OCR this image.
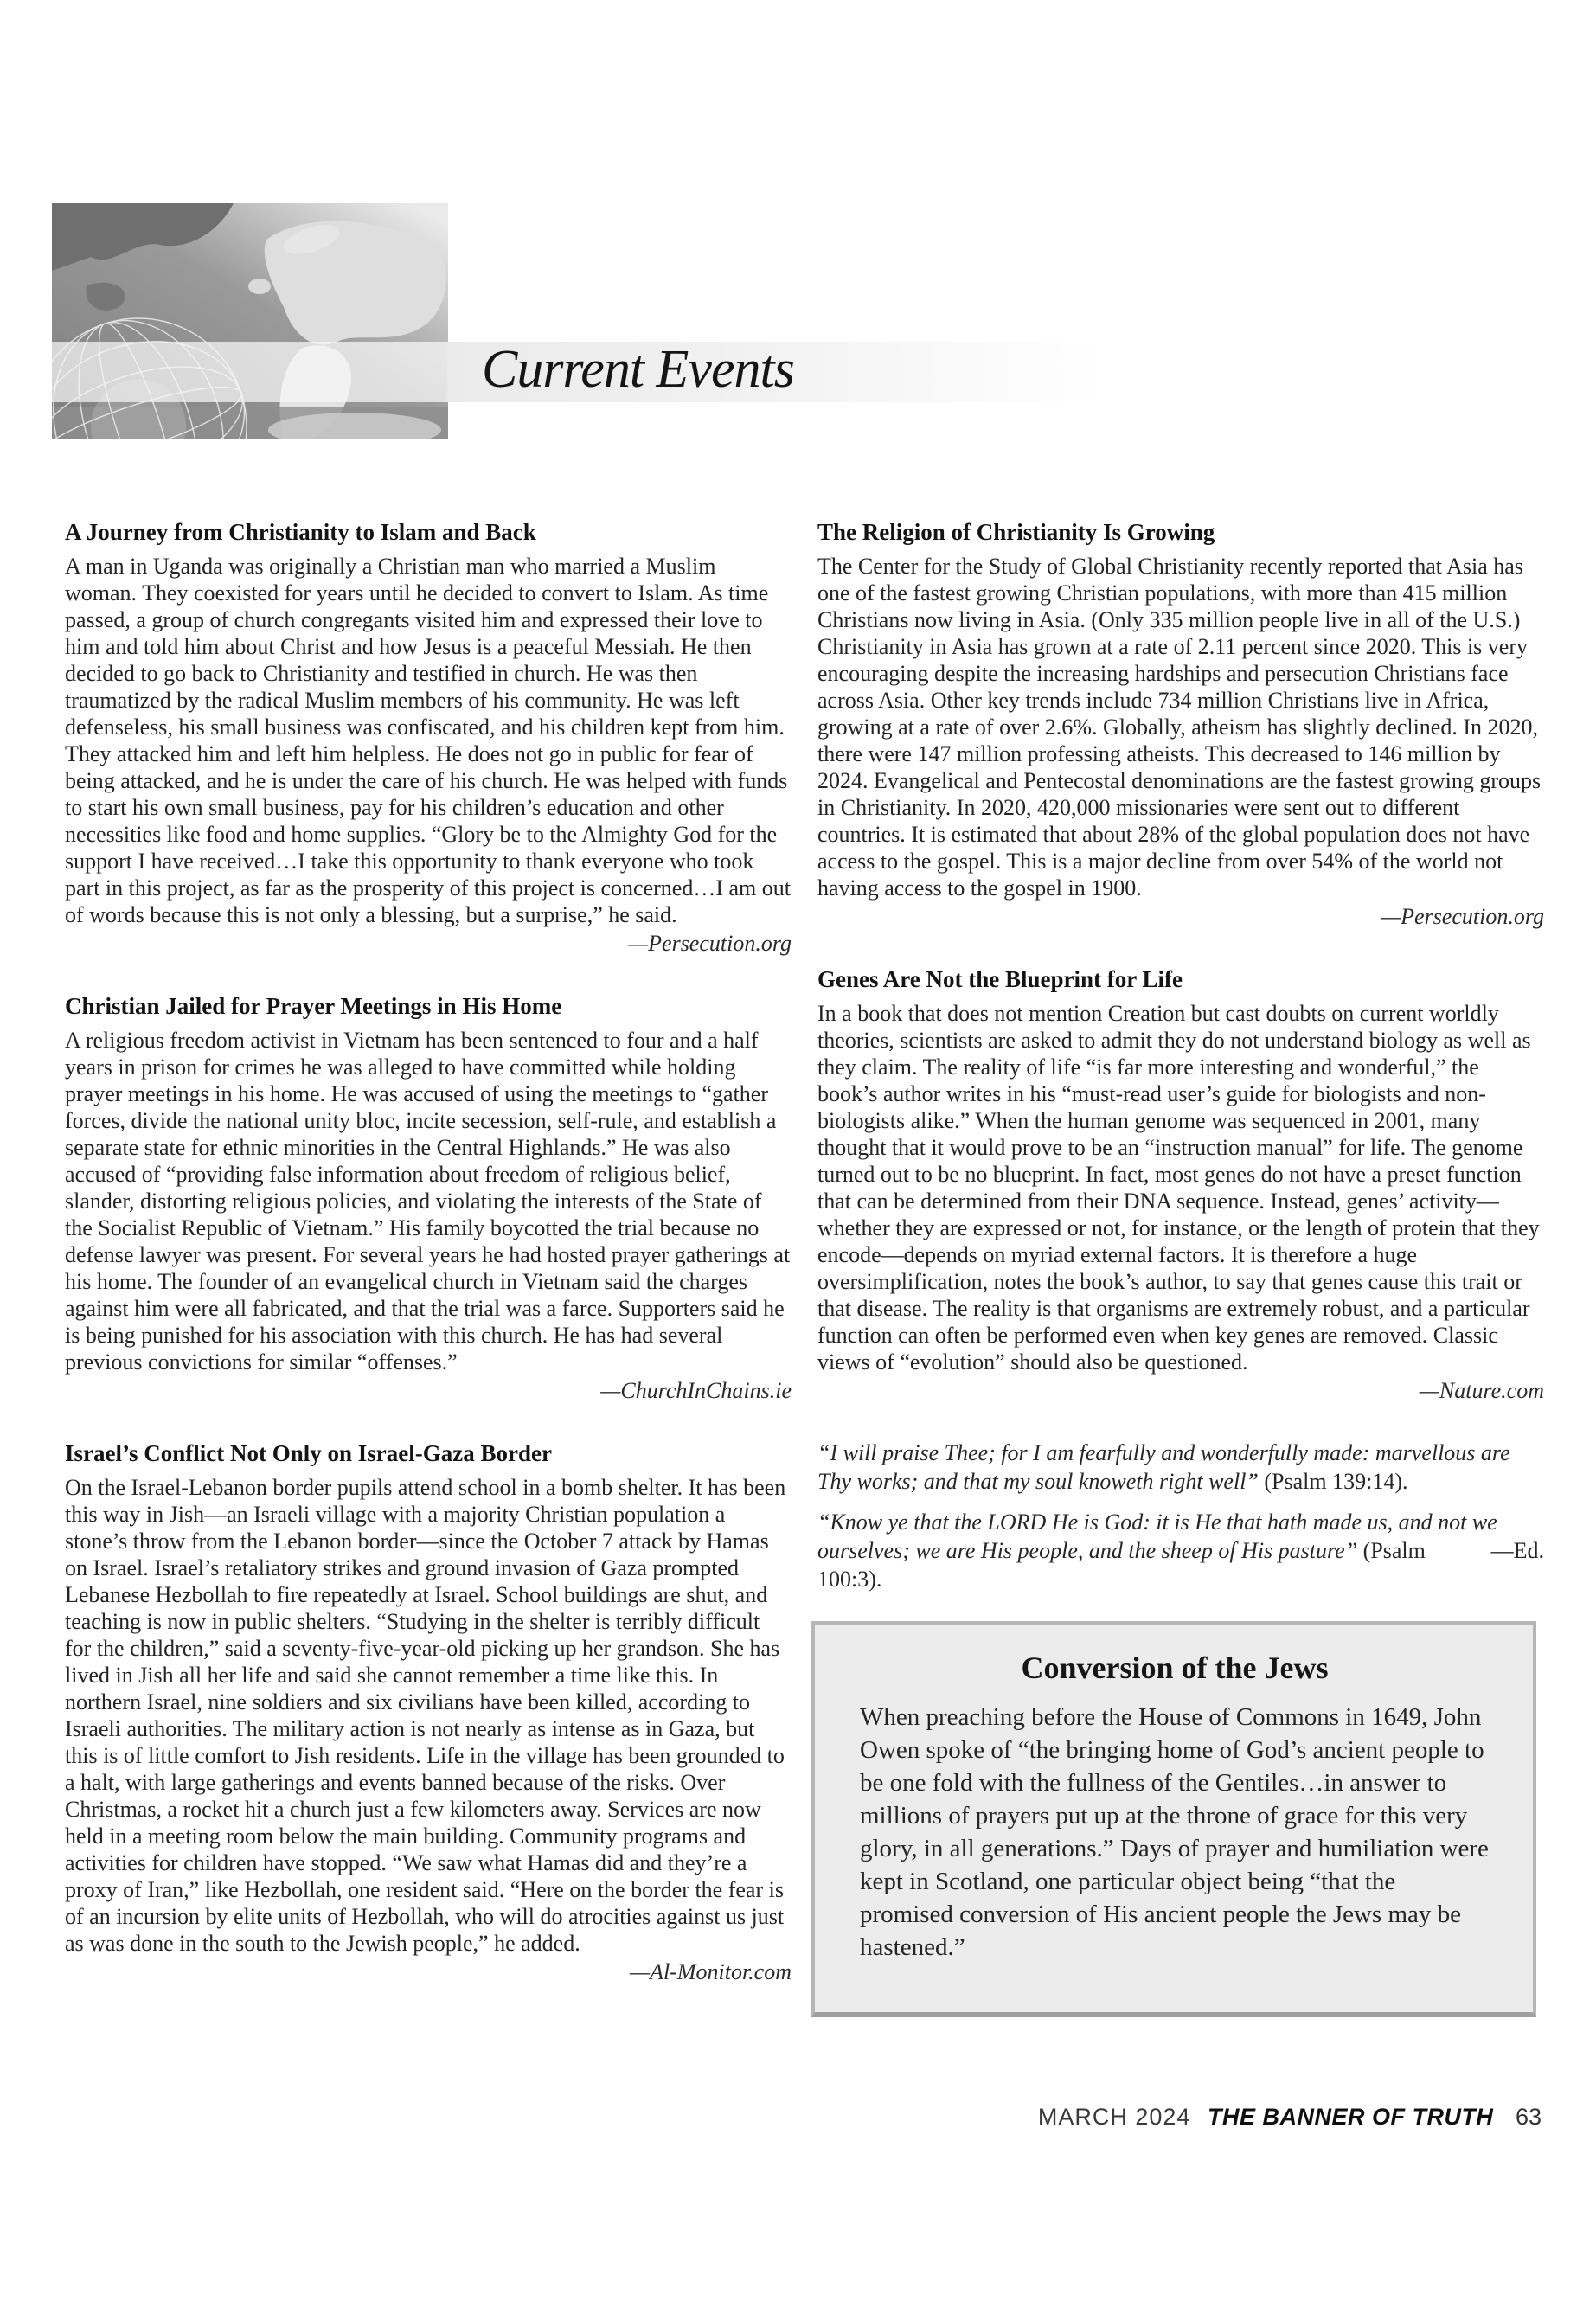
Current Events
A Journey from Christianity to Islam and Back

A man in Uganda was originally a Christian man who married a Muslim woman. They coexisted for years until he decided to convert to Islam. As time passed, a group of church congregants visited him and expressed their love to him and told him about Christ and how Jesus is a peaceful Messiah. He then decided to go back to Christianity and testified in church. He was then traumatized by the radical Muslim members of his community. He was left defenseless, his small business was confiscated, and his children kept from him. They attacked him and left him helpless. He does not go in public for fear of being attacked, and he is under the care of his church. He was helped with funds to start his own small business, pay for his children’s education and other necessities like food and home supplies. “Glory be to the Almighty God for the support I have received…I take this opportunity to thank everyone who took part in this project, as far as the prosperity of this project is concerned…I am out of words because this is not only a blessing, but a surprise,” he said.

—Persecution.org

Christian Jailed for Prayer Meetings in His Home

A religious freedom activist in Vietnam has been sentenced to four and a half years in prison for crimes he was alleged to have committed while holding prayer meetings in his home. He was accused of using the meetings to “gather forces, divide the national unity bloc, incite secession, self-rule, and establish a separate state for ethnic minorities in the Central Highlands.” He was also accused of “providing false information about freedom of religious belief, slander, distorting religious policies, and violating the interests of the State of the Socialist Republic of Vietnam.” His family boycotted the trial because no defense lawyer was present. For several years he had hosted prayer gatherings at his home. The founder of an evangelical church in Vietnam said the charges against him were all fabricated, and that the trial was a farce. Supporters said he is being punished for his association with this church. He has had several previous convictions for similar “offenses.”

—ChurchInChains.ie

Israel’s Conflict Not Only on Israel-Gaza Border

On the Israel-Lebanon border pupils attend school in a bomb shelter. It has been this way in Jish—an Israeli village with a majority Christian population a stone’s throw from the Lebanon border—since the October 7 attack by Hamas on Israel. Israel’s retaliatory strikes and ground invasion of Gaza prompted Lebanese Hezbollah to fire repeatedly at Israel. School buildings are shut, and teaching is now in public shelters. “Studying in the shelter is terribly difficult for the children,” said a seventy-five-year-old picking up her grandson. She has lived in Jish all her life and said she cannot remember a time like this. In northern Israel, nine soldiers and six civilians have been killed, according to Israeli authorities. The military action is not nearly as intense as in Gaza, but this is of little comfort to Jish residents. Life in the village has been grounded to a halt, with large gatherings and events banned because of the risks. Over Christmas, a rocket hit a church just a few kilometers away. Services are now held in a meeting room below the main building. Community programs and activities for children have stopped. “We saw what Hamas did and they’re a proxy of Iran,” like Hezbollah, one resident said. “Here on the border the fear is of an incursion by elite units of Hezbollah, who will do atrocities against us just as was done in the south to the Jewish people,” he added.

—Al-Monitor.com

The Religion of Christianity Is Growing

The Center for the Study of Global Christianity recently reported that Asia has one of the fastest growing Christian populations, with more than 415 million Christians now living in Asia. (Only 335 million people live in all of the U.S.) Christianity in Asia has grown at a rate of 2.11 percent since 2020. This is very encouraging despite the increasing hardships and persecution Christians face across Asia. Other key trends include 734 million Christians live in Africa, growing at a rate of over 2.6%. Globally, atheism has slightly declined. In 2020, there were 147 million professing atheists. This decreased to 146 million by 2024. Evangelical and Pentecostal denominations are the fastest growing groups in Christianity. In 2020, 420,000 missionaries were sent out to different countries. It is estimated that about 28% of the global population does not have access to the gospel. This is a major decline from over 54% of the world not having access to the gospel in 1900.

—Persecution.org

Genes Are Not the Blueprint for Life

In a book that does not mention Creation but cast doubts on current worldly theories, scientists are asked to admit they do not understand biology as well as they claim. The reality of life “is far more interesting and wonderful,” the book’s author writes in his “must-read user’s guide for biologists and non-biologists alike.” When the human genome was sequenced in 2001, many thought that it would prove to be an “instruction manual” for life. The genome turned out to be no blueprint. In fact, most genes do not have a preset function that can be determined from their DNA sequence. Instead, genes’ activity—whether they are expressed or not, for instance, or the length of protein that they encode—depends on myriad external factors. It is therefore a huge oversimplification, notes the book’s author, to say that genes cause this trait or that disease. The reality is that organisms are extremely robust, and a particular function can often be performed even when key genes are removed. Classic views of “evolution” should also be questioned.

—Nature.com

“I will praise Thee; for I am fearfully and wonderfully made: marvellous are Thy works; and that my soul knoweth right well” (Psalm 139:14).

“Know ye that the LORD He is God: it is He that hath made us, and not we ourselves; we are His people, and the sheep of His pasture”	—Ed.
(Psalm 100:3).

Conversion of the Jews

When preaching before the House of Commons in 1649, John Owen spoke of “the bringing home of God’s ancient people to be one fold with the fullness of the Gentiles…in answer to millions of prayers put up at the throne of grace for this very glory, in all generations.” Days of prayer and humiliation were kept in Scotland, one particular object being “that the promised conversion of His ancient people the Jews may be hastened.”

MARCH 2024 THE BANNER OF TRUTH 63
